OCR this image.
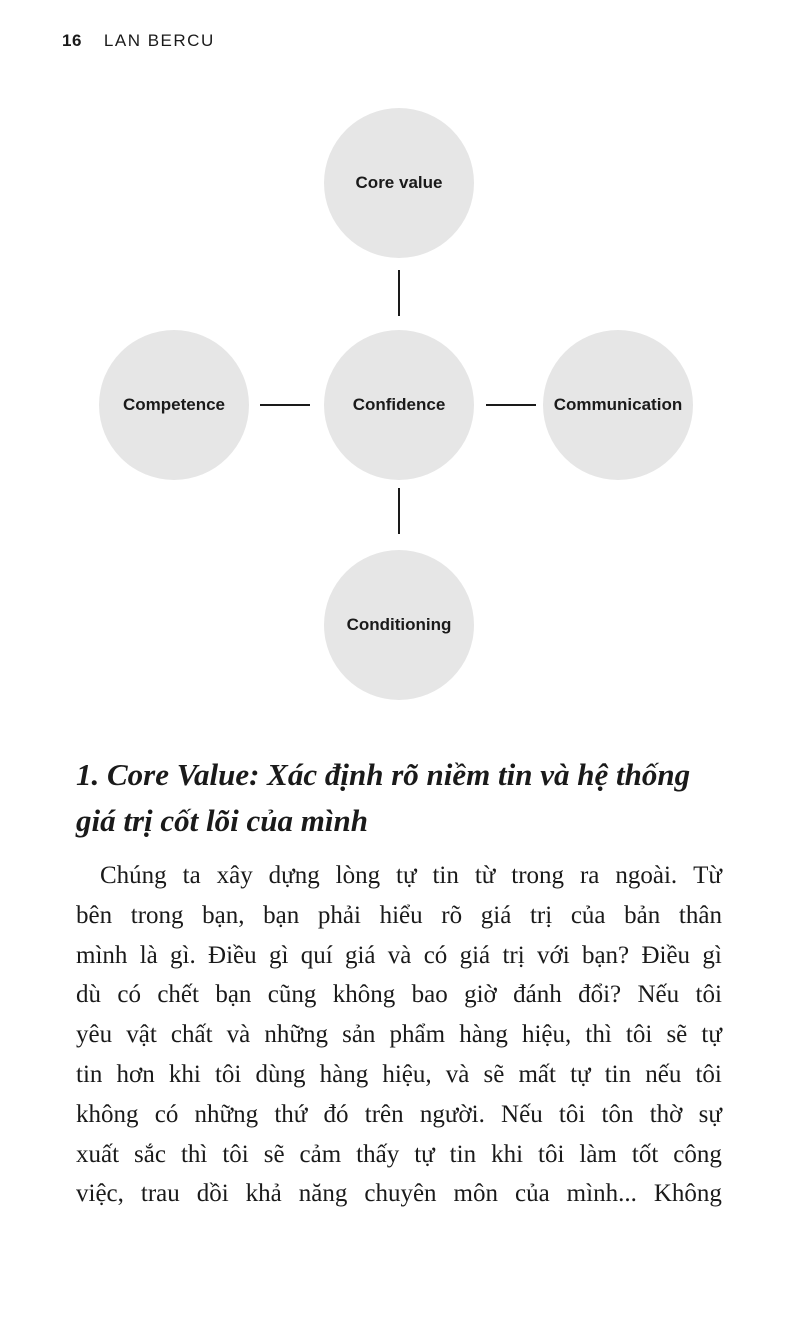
16 LAN BERCU
Core value
Competence	Confidence	Communication
Conditioning
1. Core Value: Xác định rõ niềm tin và hệ thống
giá trị cốt lõi của mình
Chúng ta xây dựng lòng tự tin từ trong ra ngoài. Từ
bên trong bạn, bạn phải hiểu rõ giá trị của bản thân
mình là gì. Điều gì quí giá và có giá trị với bạn? Điều gì
dù có chết bạn cũng không bao giờ đánh đổi? Nếu tôi
yêu vật chất và những sản phẩm hàng hiệu, thì tôi sẽ tự
tin hơn khi tôi dùng hàng hiệu, và sẽ mất tự tin nếu tôi
không có những thứ đó trên người. Nếu tôi tôn thờ sự
xuất sắc thì tôi sẽ cảm thấy tự tin khi tôi làm tốt công
việc, trau dồi khả năng chuyên môn của mình... Không
